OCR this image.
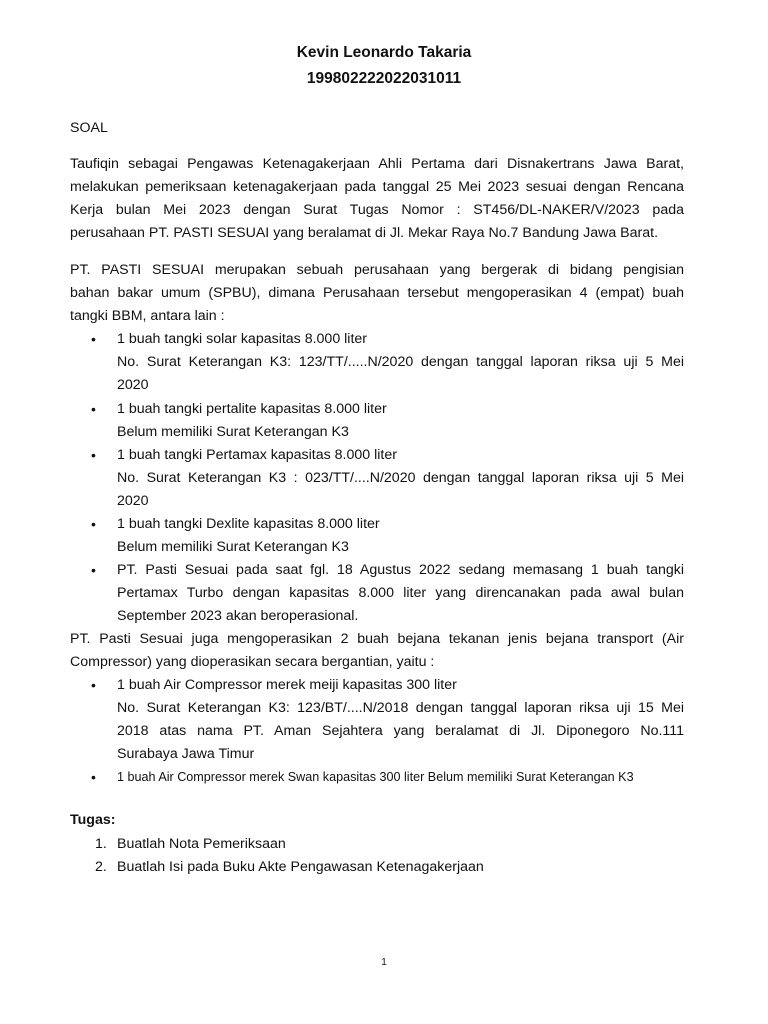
Kevin Leonardo Takaria
199802222022031011
SOAL
Taufiqin sebagai Pengawas Ketenagakerjaan Ahli Pertama dari Disnakertrans Jawa Barat,
melakukan pemeriksaan ketenagakerjaan pada tanggal 25 Mei 2023 sesuai dengan Rencana
Kerja bulan Mei 2023 dengan Surat Tugas Nomor : ST456/DL-NAKER/V/2023 pada
perusahaan PT. PASTI SESUAI yang beralamat di Jl. Mekar Raya No.7 Bandung Jawa Barat.
PT. PASTI SESUAI merupakan sebuah perusahaan yang bergerak di bidang pengisian
bahan bakar umum (SPBU), dimana Perusahaan tersebut mengoperasikan 4 (empat) buah
tangki BBM, antara lain :
• 1 buah tangki solar kapasitas 8.000 liter
No. Surat Keterangan K3: 123/TT/.....N/2020 dengan tanggal laporan riksa uji 5 Mei
2020
• 1 buah tangki pertalite kapasitas 8.000 liter
Belum memiliki Surat Keterangan K3
• 1 buah tangki Pertamax kapasitas 8.000 liter
No. Surat Keterangan K3 : 023/TT/....N/2020 dengan tanggal laporan riksa uji 5 Mei
2020
• 1 buah tangki Dexlite kapasitas 8.000 liter
Belum memiliki Surat Keterangan K3
• PT. Pasti Sesuai pada saat fgl. 18 Agustus 2022 sedang memasang 1 buah tangki
Pertamax Turbo dengan kapasitas 8.000 liter yang direncanakan pada awal bulan
September 2023 akan beroperasional.
PT. Pasti Sesuai juga mengoperasikan 2 buah bejana tekanan jenis bejana transport (Air
Compressor) yang dioperasikan secara bergantian, yaitu :
• 1 buah Air Compressor merek meiji kapasitas 300 liter
No. Surat Keterangan K3: 123/BT/....N/2018 dengan tanggal laporan riksa uji 15 Mei
2018 atas nama PT. Aman Sejahtera yang beralamat di Jl. Diponegoro No.111
Surabaya Jawa Timur
• 1 buah Air Compressor merek Swan kapasitas 300 liter Belum memiliki Surat Keterangan K3
Tugas:
1. Buatlah Nota Pemeriksaan
2. Buatlah Isi pada Buku Akte Pengawasan Ketenagakerjaan
1
